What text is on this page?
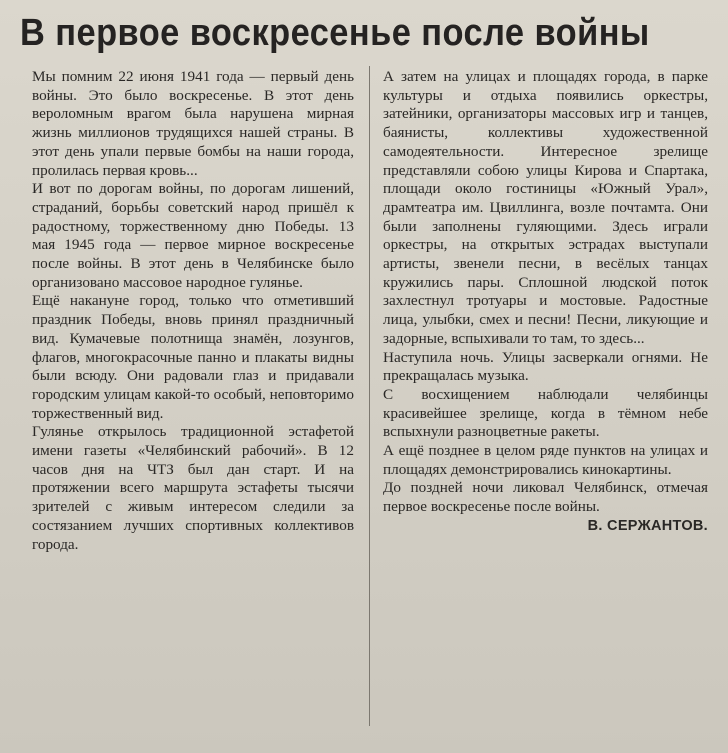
В первое воскресенье после войны

Мы помним 22 июня 1941 года — первый день войны. Это было воскресенье. В этот день вероломным врагом была нарушена мирная жизнь миллионов трудящихся нашей страны. В этот день упали первые бомбы на наши города, пролилась первая кровь...

И вот по дорогам войны, по дорогам лишений, страданий, борьбы советский народ пришёл к радостному, торжественному дню Победы. 13 мая 1945 года — первое мирное воскресенье после войны. В этот день в Челябинске было организовано массовое народное гулянье.

Ещё накануне город, только что отметивший праздник Победы, вновь принял праздничный вид. Кумачевые полотнища знамён, лозунгов, флагов, многокрасочные панно и плакаты видны были всюду. Они радовали глаз и придавали городским улицам какой-то особый, неповторимо торжественный вид.

Гулянье открылось традиционной эстафетой имени газеты «Челябинский рабочий». В 12 часов дня на ЧТЗ был дан старт. И на протяжении всего маршрута эстафеты тысячи зрителей с живым интересом следили за состязанием лучших спортивных коллективов города.

А затем на улицах и площадях города, в парке культуры и отдыха появились оркестры, затейники, организаторы массовых игр и танцев, баянисты, коллективы художественной самодеятельности. Интересное зрелище представляли собою улицы Кирова и Спартака, площади около гостиницы «Южный Урал», драмтеатра им. Цвиллинга, возле почтамта. Они были заполнены гуляющими. Здесь играли оркестры, на открытых эстрадах выступали артисты, звенели песни, в весёлых танцах кружились пары. Сплошной людской поток захлестнул тротуары и мостовые. Радостные лица, улыбки, смех и песни! Песни, ликующие и задорные, вспыхивали то там, то здесь...

Наступила ночь. Улицы засверкали огнями. Не прекращалась музыка.

С восхищением наблюдали челябинцы красивейшее зрелище, когда в тёмном небе вспыхнули разноцветные ракеты.

А ещё позднее в целом ряде пунктов на улицах и площадях демонстрировались кинокартины.

До поздней ночи ликовал Челябинск, отмечая первое воскресенье после войны.
В. СЕРЖАНТОВ.
